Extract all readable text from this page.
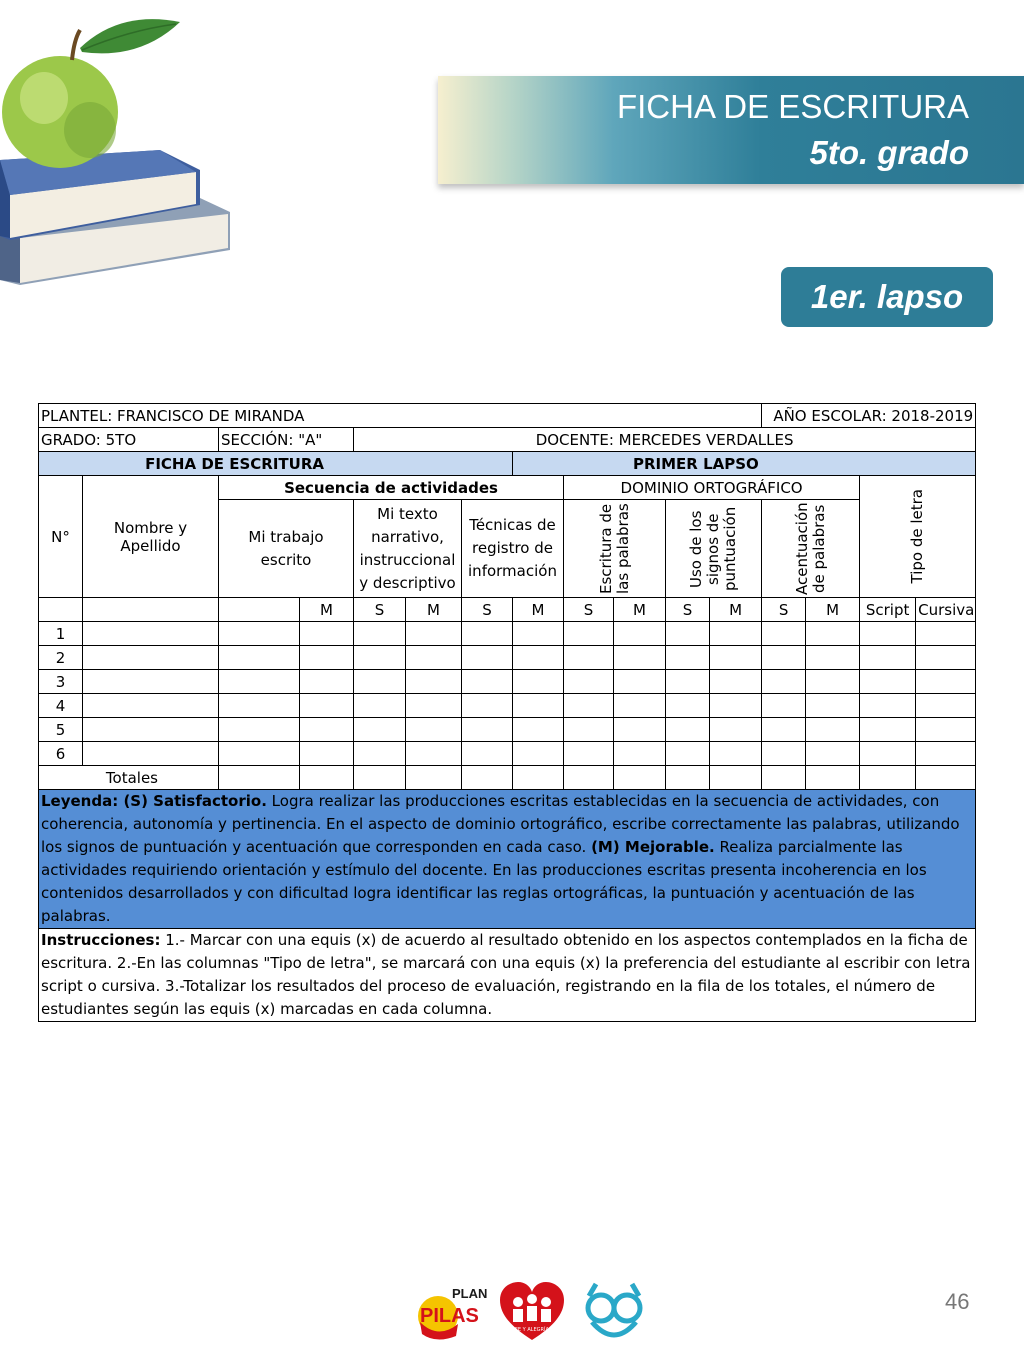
FICHA DE ESCRITURA
5to. grado
1er. lapso
PLANTEL: FRANCISCO DE MIRANDA												AÑO ESCOLAR: 2018-2019			
GRADO: 5TO		SECCIÓN: "A"		DOCENTE: MERCEDES VERDALLES											
FICHA DE ESCRITURA							PRIMER LAPSO								
N°	Nombre y Apellido	Secuencia de actividades						DOMINIO ORTOGRÁFICO						Tipo de letra	

		Mi trabajo escrito		Mi texto narrativo, instruccional y descriptivo		Técnicas de registro de información		Escritura de las palabras		Uso de los signos de puntuación		Acentuación de palabras			

			M	S	M	S	M	S	M	S	M	S	M	Script	Cursiva
1															
2															
3															
4															
5															
6															
Totales															
Leyenda: (S) Satisfactorio. Logra realizar las producciones escritas establecidas en la secuencia de actividades, con coherencia, autonomía y pertinencia. En el aspecto de dominio ortográfico, escribe correctamente las palabras, utilizando los signos de puntuación y acentuación que corresponden en cada caso. (M) Mejorable. Realiza parcialmente las actividades requiriendo orientación y estímulo del docente. En las producciones escritas presenta incoherencia en los contenidos desarrollados y con dificultad logra identificar las reglas ortográficas, la puntuación y acentuación de las palabras.															
Instrucciones: 1.- Marcar con una equis (x) de acuerdo al resultado obtenido en los aspectos contemplados en la ficha de escritura. 2.-En las columnas "Tipo de letra", se marcará con una equis (x) la preferencia del estudiante al escribir con letra script o cursiva. 3.-Totalizar los resultados del proceso de evaluación, registrando en la fila de los totales, el número de estudiantes según las equis (x) marcadas en cada columna.															
PLAN
PILAS
FE Y ALEGRÍA
46
